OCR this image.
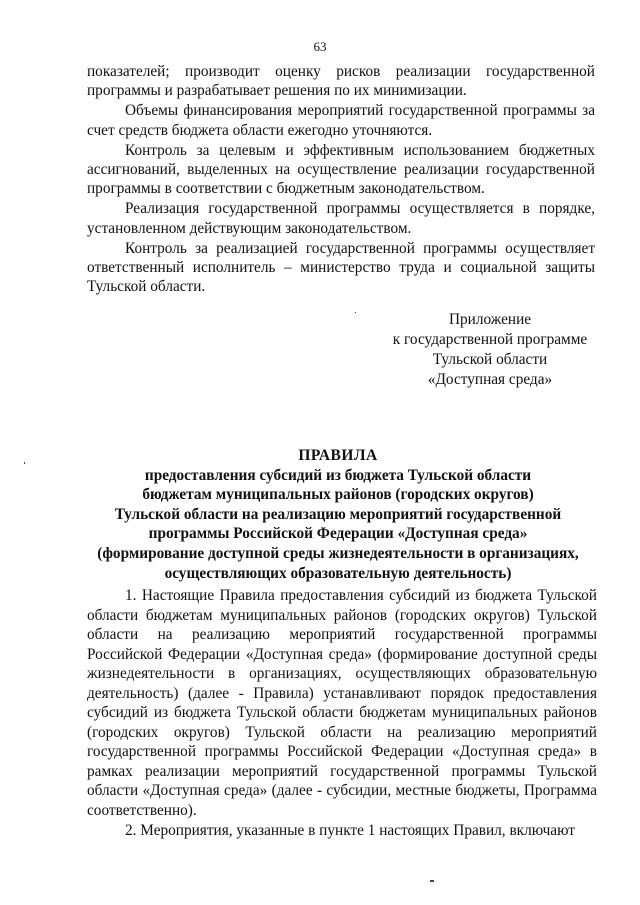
63

показателей; производит оценку рисков реализации государственной программы и разрабатывает решения по их минимизации.

Объемы финансирования мероприятий государственной программы за счет средств бюджета области ежегодно уточняются.

Контроль за целевым и эффективным использованием бюджетных ассигнований, выделенных на осуществление реализации государственной программы в соответствии с бюджетным законодательством.

Реализация государственной программы осуществляется в порядке, установленном действующим законодательством.

Контроль за реализацией государственной программы осуществляет ответственный исполнитель – министерство труда и социальной защиты Тульской области.

Приложение
к государственной программе
Тульской области
«Доступная среда»
ПРАВИЛА
предоставления субсидий из бюджета Тульской области
бюджетам муниципальных районов (городских округов)
Тульской области на реализацию мероприятий государственной
программы Российской Федерации «Доступная среда»
(формирование доступной среды жизнедеятельности в организациях,
осуществляющих образовательную деятельность)

1. Настоящие Правила предоставления субсидий из бюджета Тульской области бюджетам муниципальных районов (городских округов) Тульской области на реализацию мероприятий государственной программы Российской Федерации «Доступная среда» (формирование доступной среды жизнедеятельности в организациях, осуществляющих образовательную деятельность) (далее - Правила) устанавливают порядок предоставления субсидий из бюджета Тульской области бюджетам муниципальных районов (городских округов) Тульской области на реализацию мероприятий государственной программы Российской Федерации «Доступная среда» в рамках реализации мероприятий государственной программы Тульской области «Доступная среда» (далее - субсидии, местные бюджеты, Программа соответственно).

2. Мероприятия, указанные в пункте 1 настоящих Правил, включают
